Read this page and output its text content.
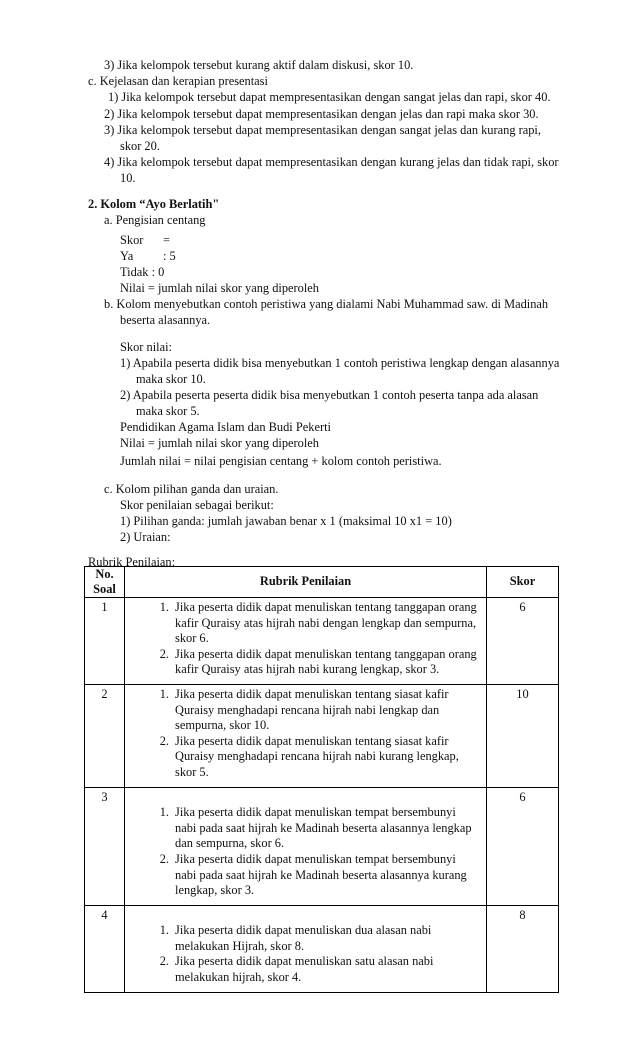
3) Jika kelompok tersebut kurang aktif dalam diskusi, skor 10.
c. Kejelasan dan kerapian presentasi
1) Jika kelompok tersebut dapat mempresentasikan dengan sangat jelas dan rapi, skor 40.
2) Jika kelompok tersebut dapat mempresentasikan dengan jelas dan rapi maka skor 30.
3) Jika kelompok tersebut dapat mempresentasikan dengan sangat jelas dan kurang rapi,
skor 20.
4) Jika kelompok tersebut dapat mempresentasikan dengan kurang jelas dan tidak rapi, skor
10.
2. Kolom “Ayo Berlatih"
a. Pengisian centang
Skor =
Ya : 5
Tidak : 0
Nilai = jumlah nilai skor yang diperoleh
b. Kolom menyebutkan contoh peristiwa yang dialami Nabi Muhammad saw. di Madinah
beserta alasannya.
Skor nilai:
1) Apabila peserta didik bisa menyebutkan 1 contoh peristiwa lengkap dengan alasannya
maka skor 10.
2) Apabila peserta peserta didik bisa menyebutkan 1 contoh peserta tanpa ada alasan
maka skor 5.
Pendidikan Agama Islam dan Budi Pekerti
Nilai = jumlah nilai skor yang diperoleh
Jumlah nilai = nilai pengisian centang + kolom contoh peristiwa.
c. Kolom pilihan ganda dan uraian.
Skor penilaian sebagai berikut:
1) Pilihan ganda: jumlah jawaban benar x 1 (maksimal 10 x1 = 10)
2) Uraian:
Rubrik Penilaian:
No.
Soal	Rubrik Penilaian	Skor
1	1. Jika peserta didik dapat menuliskan tentang tanggapan orang kafir Quraisy atas hijrah nabi dengan lengkap dan sempurna, skor 6.
2. Jika peserta didik dapat menuliskan tentang tanggapan orang kafir Quraisy atas hijrah nabi kurang lengkap, skor 3.	6
2	1. Jika peserta didik dapat menuliskan tentang siasat kafir Quraisy menghadapi rencana hijrah nabi lengkap dan sempurna, skor 10.
2. Jika peserta didik dapat menuliskan tentang siasat kafir Quraisy menghadapi rencana hijrah nabi kurang lengkap, skor 5.	10
3	1. Jika peserta didik dapat menuliskan tempat bersembunyi nabi pada saat hijrah ke Madinah beserta alasannya lengkap dan sempurna, skor 6.
2. Jika peserta didik dapat menuliskan tempat bersembunyi nabi pada saat hijrah ke Madinah beserta alasannya kurang lengkap, skor 3.	6
4	1. Jika peserta didik dapat menuliskan dua alasan nabi melakukan Hijrah, skor 8.
2. Jika peserta didik dapat menuliskan satu alasan nabi melakukan hijrah, skor 4.	8
